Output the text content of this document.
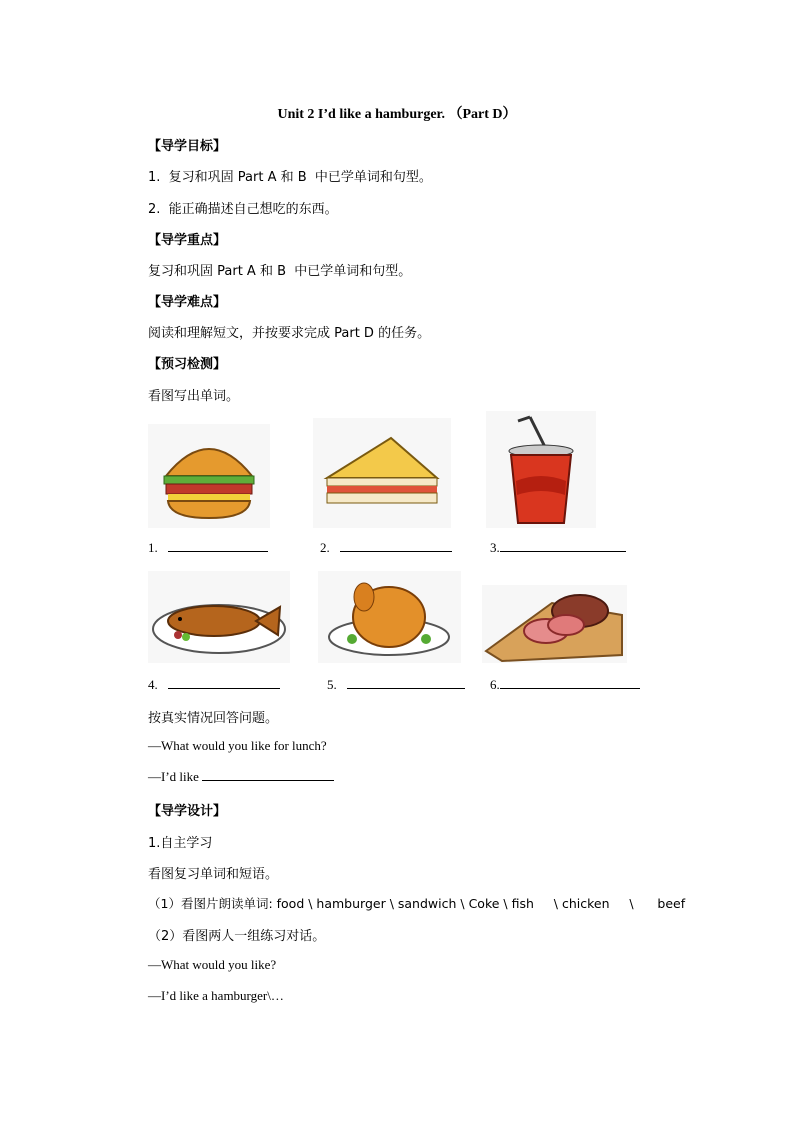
Unit 2 I’d like a hamburger. （Part D）
【导学目标】
1.  复习和巩固 Part A 和 B  中已学单词和句型。
2.  能正确描述自己想吃的东西。
【导学重点】
复习和巩固 Part A 和 B  中已学单词和句型。
【导学难点】
阅读和理解短文，并按要求完成 Part D 的任务。
【预习检测】
看图写出单词。
1.	2.	3.
4.	5.	6.
按真实情况回答问题。
—What would you like for lunch?
—I’d like
【导学设计】
1.自主学习
看图复习单词和短语。
（1）看图片朗读单词: food \ hamburger \ sandwich \ Coke \ fish     \ chicken     \      beef
（2）看图两人一组练习对话。
—What would you like?
—I’d like a hamburger\…
